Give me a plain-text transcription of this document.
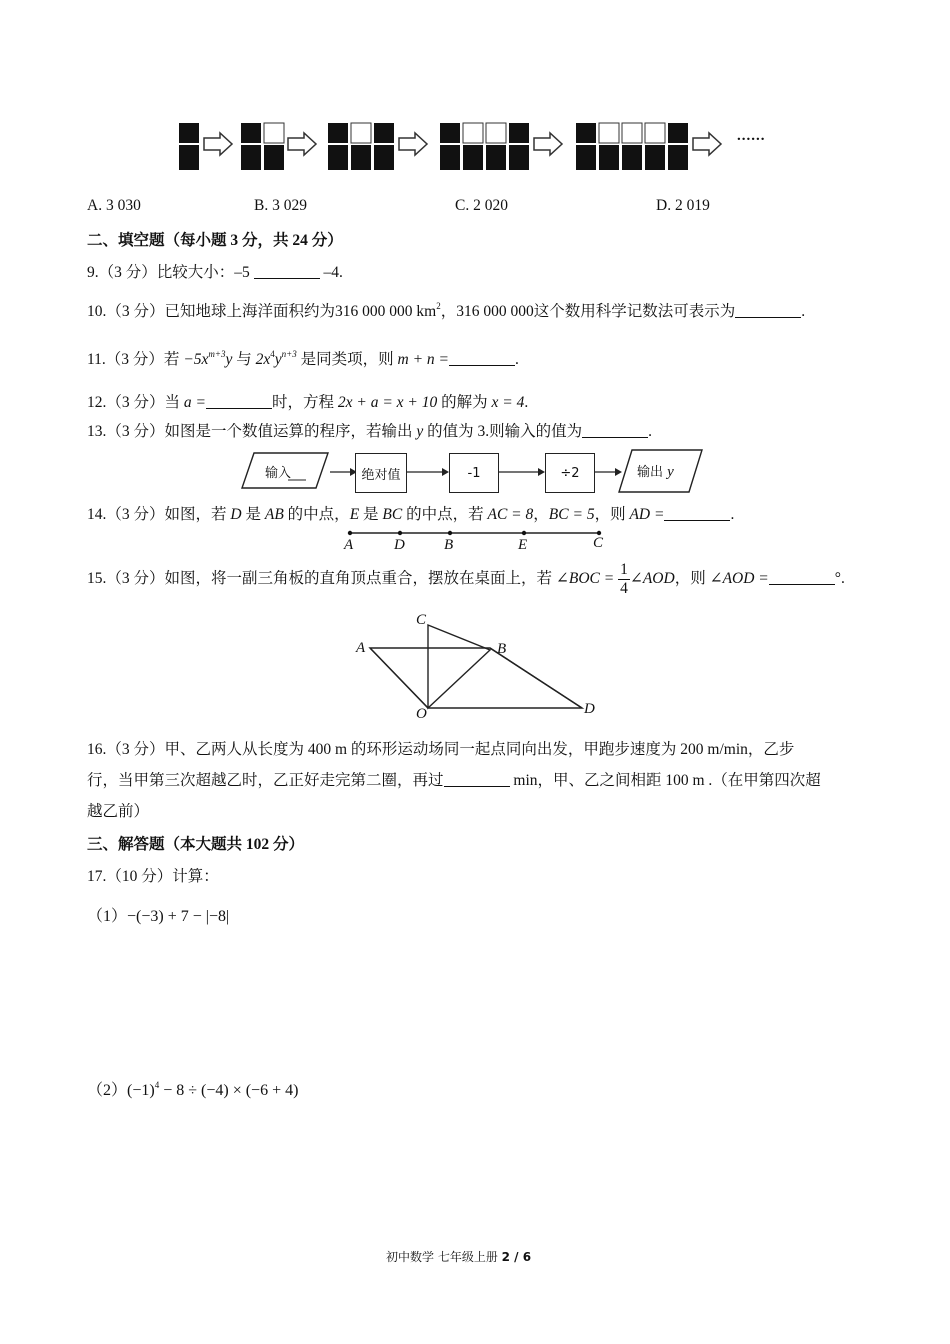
......
A. 3 030	B. 3 029	C. 2 020	D. 2 019
二、填空题（每小题 3 分，共 24 分）
9.（3 分）比较大小：–5	–4.
10.（3 分）已知地球上海洋面积约为316 000 000 $km^2$，316 000 000这个数用科学记数法可表示为	.
11.（3 分）若 $-5x^{m+3}y$ 与 $2x^4y^{n+3}$ 是同类项，则 m + n =	.
12.（3 分）当 a =	时，方程 2x + a = x + 10 的解为 x = 4.
13.（3 分）如图是一个数值运算的程序，若输出 y 的值为 3.则输入的值为	.
输入	绝对值	-1	÷2	输出 y
14.（3 分）如图，若 D 是 AB 的中点，E 是 BC 的中点，若 AC = 8，BC = 5，则 AD =	.
A	D	B	E	C
15.（3 分）如图，将一副三角板的直角顶点重合，摆放在桌面上，若 ∠BOC = $\frac{1}{4}$ ∠AOD，则 ∠AOD =	°.
C
A	B
O	D
16.（3 分）甲、乙两人从长度为 400 m 的环形运动场同一起点同向出发，甲跑步速度为 200 m/min，乙步
行，当甲第三次超越乙时，乙正好走完第二圈，再过	min，甲、乙之间相距 100 m .（在甲第四次超
越乙前）
三、解答题（本大题共 102 分）
17.（10 分）计算：
（1）−(−3) + 7 − |−8|
$(2)(-1)^4 - 8 \div (-4) \times (-6 + 4)$
初中数学 七年级上册 2 / 6
